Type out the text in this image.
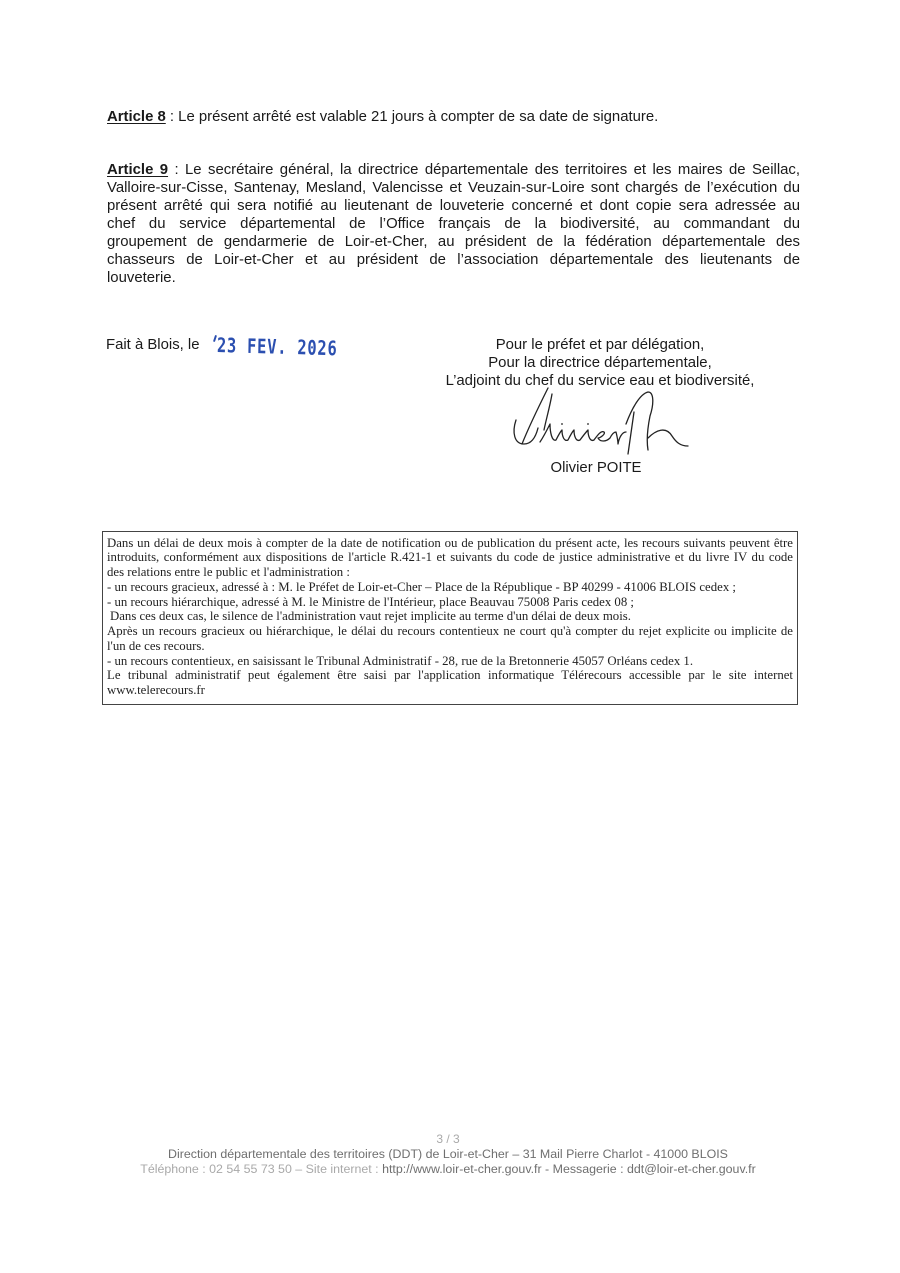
Article 8 : Le présent arrêté est valable 21 jours à compter de sa date de signature.
Article 9 : Le secrétaire général, la directrice départementale des territoires et les maires de Seillac,
Valloire-sur-Cisse, Santenay, Mesland, Valencisse et Veuzain-sur-Loire sont chargés de l’exécution du
présent arrêté qui sera notifié au lieutenant de louveterie concerné et dont copie sera adressée au
chef du service départemental de l’Office français de la biodiversité, au commandant du
groupement de gendarmerie de Loir-et-Cher, au président de la fédération départementale des
chasseurs de Loir-et-Cher et au président de l’association départementale des lieutenants de
louveterie.
Fait à Blois, le 23 FEV. 2026	Pour le préfet et par délégation,
Pour la directrice départementale,
L’adjoint du chef du service eau et biodiversité,
Olivier POITE
Dans un délai de deux mois à compter de la date de notification ou de publication du présent acte, les recours suivants peuvent être
introduits, conformément aux dispositions de l'article R.421-1 et suivants du code de justice administrative et du livre IV du code
des relations entre le public et l'administration :
- un recours gracieux, adressé à : M. le Préfet de Loir-et-Cher – Place de la République - BP 40299 - 41006 BLOIS cedex ;
- un recours hiérarchique, adressé à M. le Ministre de l'Intérieur, place Beauvau 75008 Paris cedex 08 ;
Dans ces deux cas, le silence de l'administration vaut rejet implicite au terme d'un délai de deux mois.
Après un recours gracieux ou hiérarchique, le délai du recours contentieux ne court qu'à compter du rejet explicite ou implicite de
l'un de ces recours.
- un recours contentieux, en saisissant le Tribunal Administratif - 28, rue de la Bretonnerie 45057 Orléans cedex 1.
Le tribunal administratif peut également être saisi par l'application informatique Télérecours accessible par le site internet
www.telerecours.fr
3 / 3
Direction départementale des territoires (DDT) de Loir-et-Cher – 31 Mail Pierre Charlot - 41000 BLOIS
Téléphone : 02 54 55 73 50 – Site internet : http://www.loir-et-cher.gouv.fr - Messagerie : ddt@loir-et-cher.gouv.fr
